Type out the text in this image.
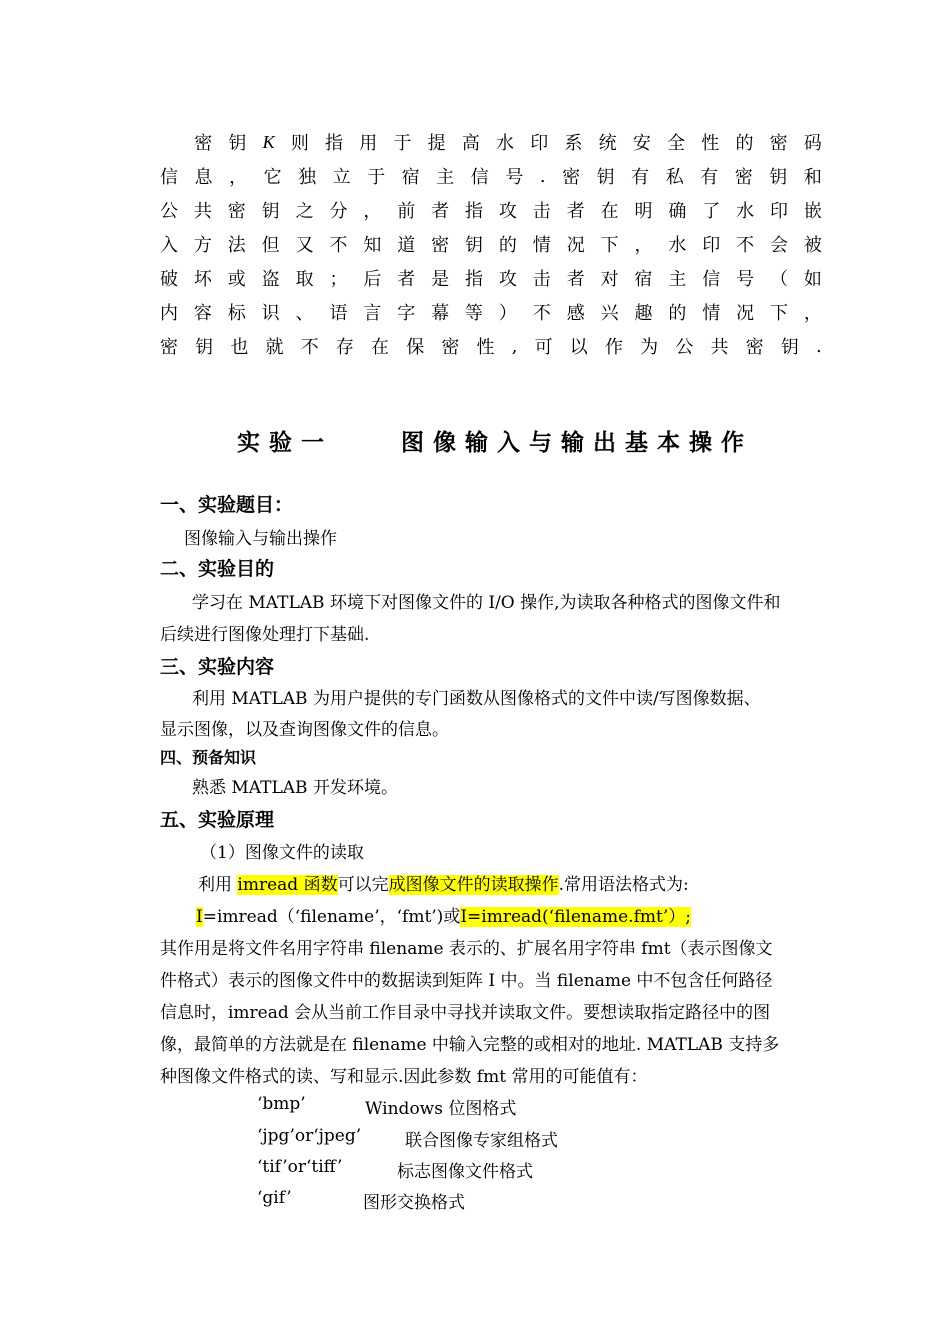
密 钥 K 则 指 用 于 提 高 水 印 系 统 安 全 性 的 密 码
信 息 ， 它 独 立 于 宿 主 信 号 . 密 钥 有 私 有 密 钥 和
公 共 密 钥 之 分 ， 前 者 指 攻 击 者 在 明 确 了 水 印 嵌
入 方 法 但 又 不 知 道 密 钥 的 情 况 下 ， 水 印 不 会 被
破 坏 或 盗 取 ； 后 者 是 指 攻 击 者 对 宿 主 信 号 （ 如
内 容 标 识 、 语 言 字 幕 等 ） 不 感 兴 趣 的 情 况 下 ，
密 钥 也 就 不 存 在 保 密 性 , 可 以 作 为 公 共 密 钥 .
实验一    图像输入与输出基本操作
一、实验题目：
图像输入与输出操作
二、实验目的
学习在 MATLAB 环境下对图像文件的 I/O 操作,为读取各种格式的图像文件和
后续进行图像处理打下基础.
三、实验内容
利用 MATLAB 为用户提供的专门函数从图像格式的文件中读/写图像数据、
显示图像，以及查询图像文件的信息。
四、预备知识
熟悉 MATLAB 开发环境。
五、实验原理
（1）图像文件的读取
利用 imread 函数可以完成图像文件的读取操作.常用语法格式为:
I=imread（‘filename’，‘fmt’)或I=imread(‘filename.fmt’）;
其作用是将文件名用字符串 filename 表示的、扩展名用字符串 fmt（表示图像文
件格式）表示的图像文件中的数据读到矩阵 I 中。当 filename 中不包含任何路径
信息时，imread 会从当前工作目录中寻找并读取文件。要想读取指定路径中的图
像，最简单的方法就是在 filename 中输入完整的或相对的地址. MATLAB 支持多
种图像文件格式的读、写和显示.因此参数 fmt 常用的可能值有：
‘bmp’	Windows 位图格式
‘jpg’or‘jpeg’	联合图像专家组格式
‘tif’or‘tiff’	标志图像文件格式
‘gif’	图形交换格式
